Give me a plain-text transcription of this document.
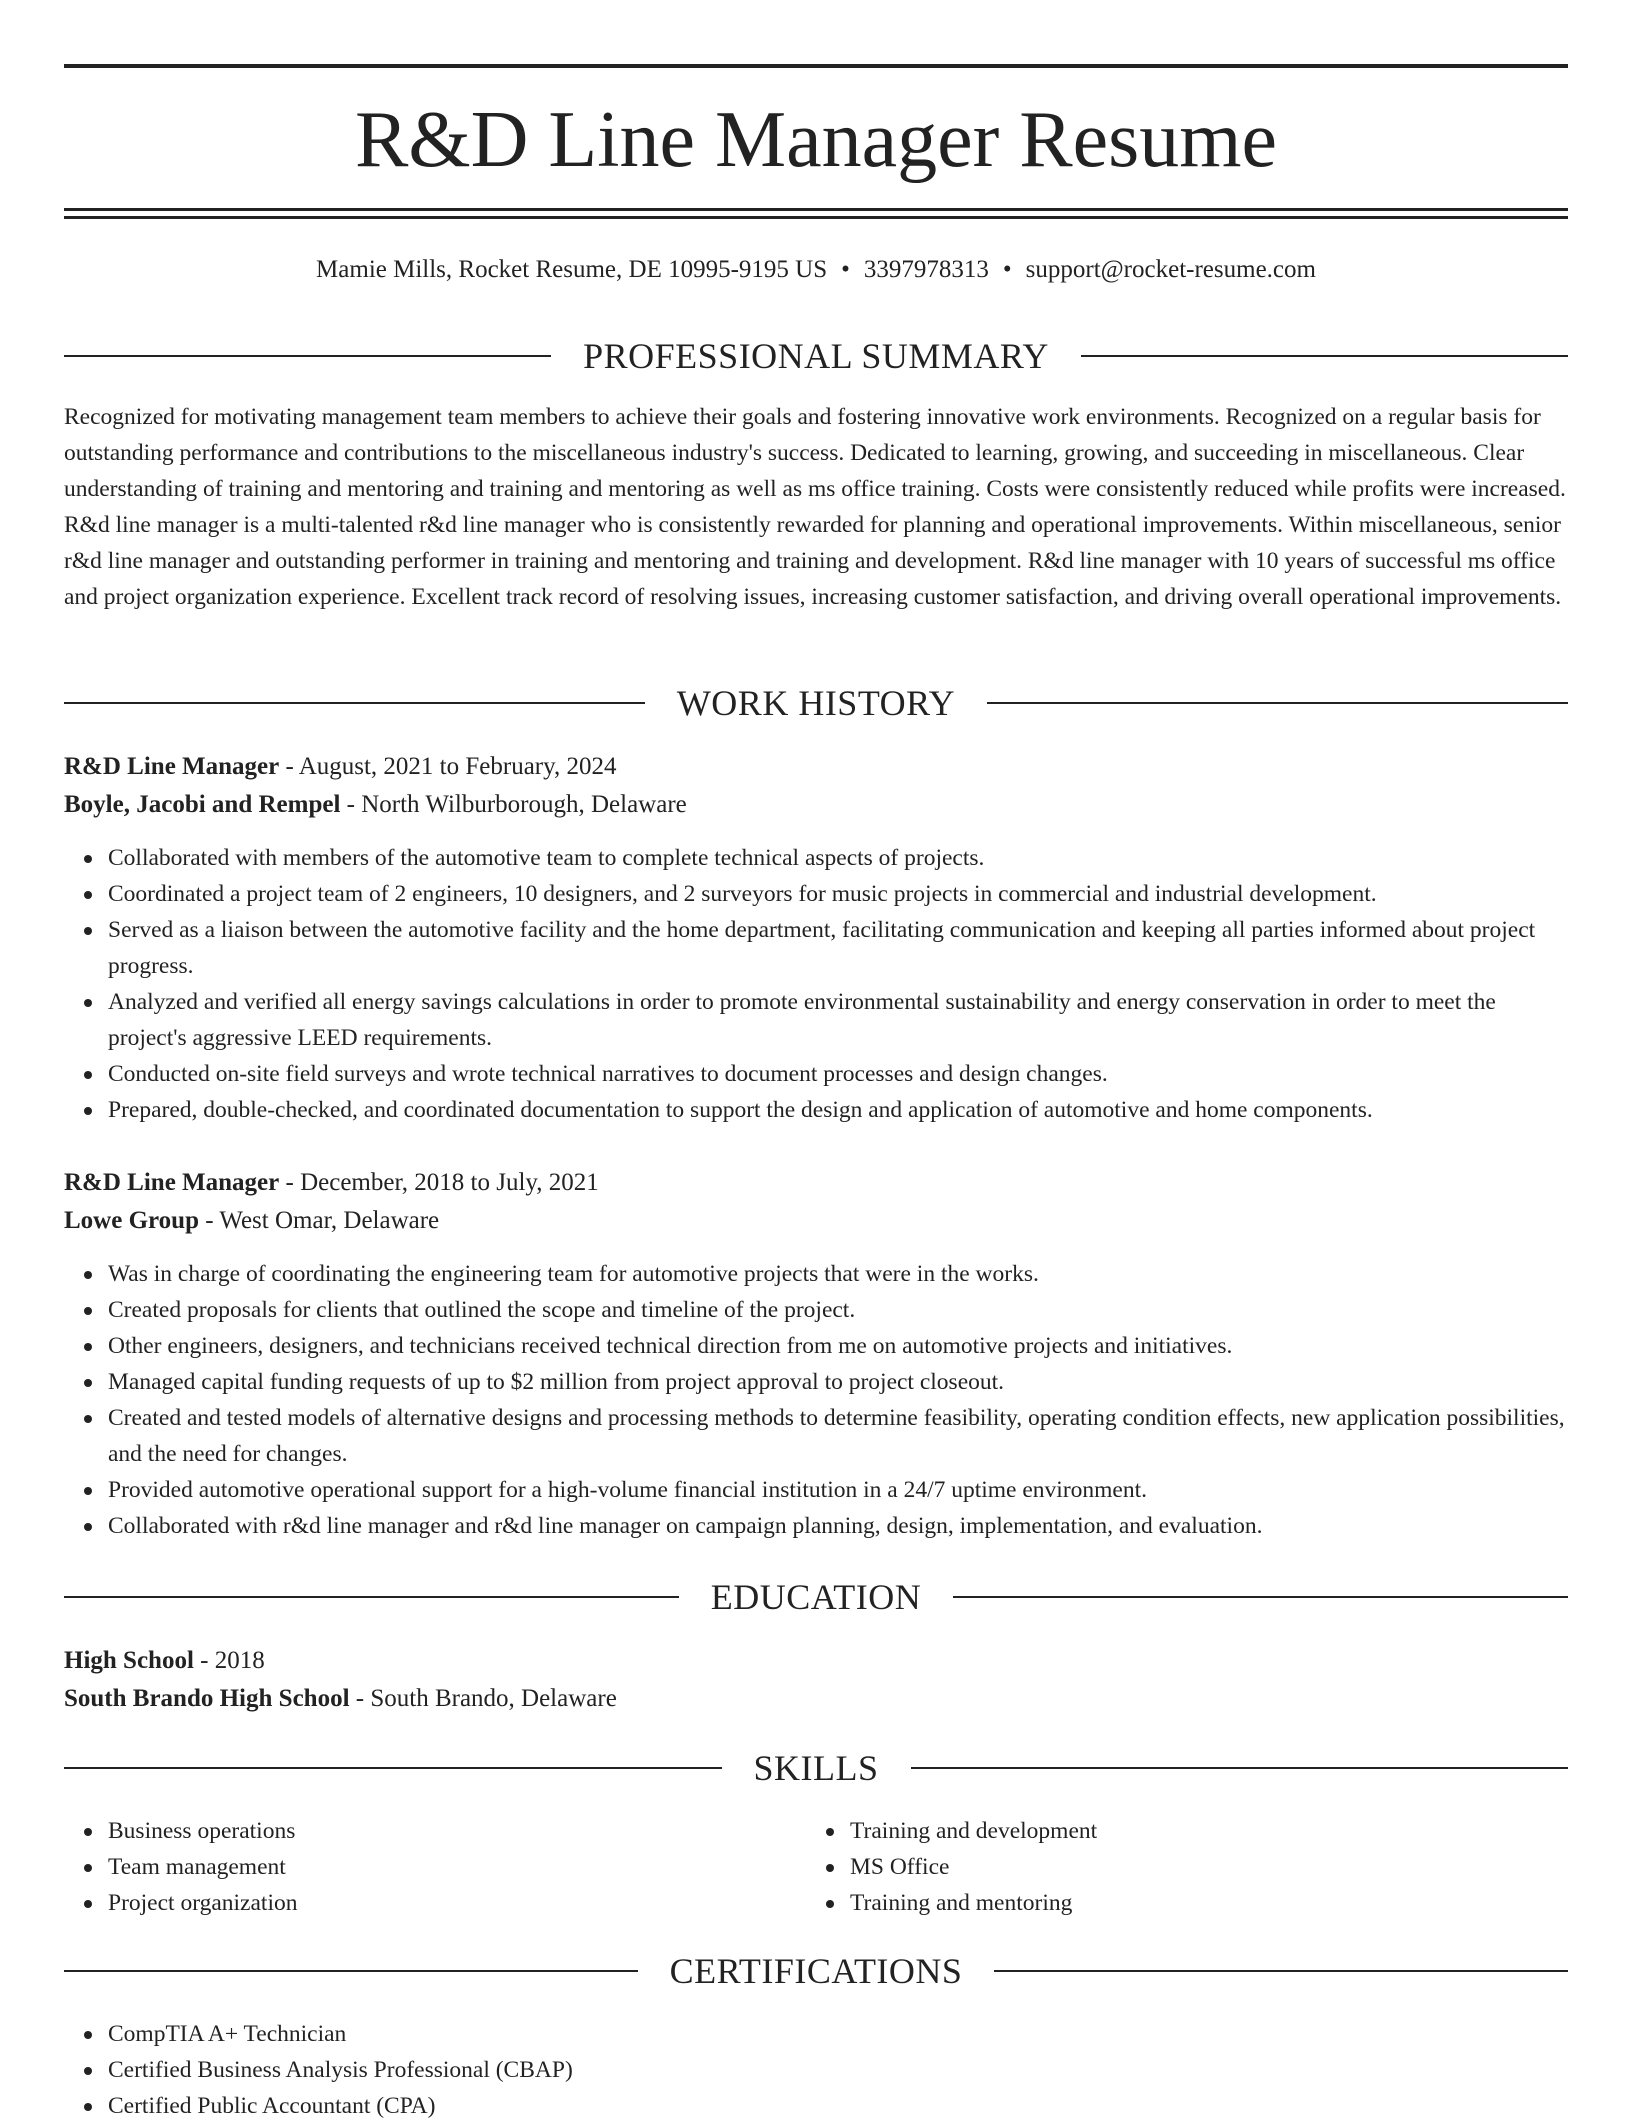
R&D Line Manager Resume
Mamie Mills, Rocket Resume, DE 10995-9195 US • 3397978313 • support@rocket-resume.com
PROFESSIONAL SUMMARY

Recognized for motivating management team members to achieve their goals and fostering innovative work environments. Recognized on a regular basis for outstanding performance and contributions to the miscellaneous industry's success. Dedicated to learning, growing, and succeeding in miscellaneous. Clear understanding of training and mentoring and training and mentoring as well as ms office training. Costs were consistently reduced while profits were increased. R&d line manager is a multi-talented r&d line manager who is consistently rewarded for planning and operational improvements. Within miscellaneous, senior r&d line manager and outstanding performer in training and mentoring and training and development. R&d line manager with 10 years of successful ms office and project organization experience. Excellent track record of resolving issues, increasing customer satisfaction, and driving overall operational improvements.

WORK HISTORY
R&D Line Manager - August, 2021 to February, 2024
Boyle, Jacobi and Rempel - North Wilburborough, Delaware
Collaborated with members of the automotive team to complete technical aspects of projects.
Coordinated a project team of 2 engineers, 10 designers, and 2 surveyors for music projects in commercial and industrial development.
Served as a liaison between the automotive facility and the home department, facilitating communication and keeping all parties informed about project progress.
Analyzed and verified all energy savings calculations in order to promote environmental sustainability and energy conservation in order to meet the project's aggressive LEED requirements.
Conducted on-site field surveys and wrote technical narratives to document processes and design changes.
Prepared, double-checked, and coordinated documentation to support the design and application of automotive and home components.
R&D Line Manager - December, 2018 to July, 2021
Lowe Group - West Omar, Delaware
Was in charge of coordinating the engineering team for automotive projects that were in the works.
Created proposals for clients that outlined the scope and timeline of the project.
Other engineers, designers, and technicians received technical direction from me on automotive projects and initiatives.
Managed capital funding requests of up to $2 million from project approval to project closeout.
Created and tested models of alternative designs and processing methods to determine feasibility, operating condition effects, new application possibilities, and the need for changes.
Provided automotive operational support for a high-volume financial institution in a 24/7 uptime environment.
Collaborated with r&d line manager and r&d line manager on campaign planning, design, implementation, and evaluation.
EDUCATION
High School - 2018
South Brando High School - South Brando, Delaware
SKILLS
Business operations
Team management
Project organization
Training and development
MS Office
Training and mentoring
CERTIFICATIONS
CompTIA A+ Technician
Certified Business Analysis Professional (CBAP)
Certified Public Accountant (CPA)
